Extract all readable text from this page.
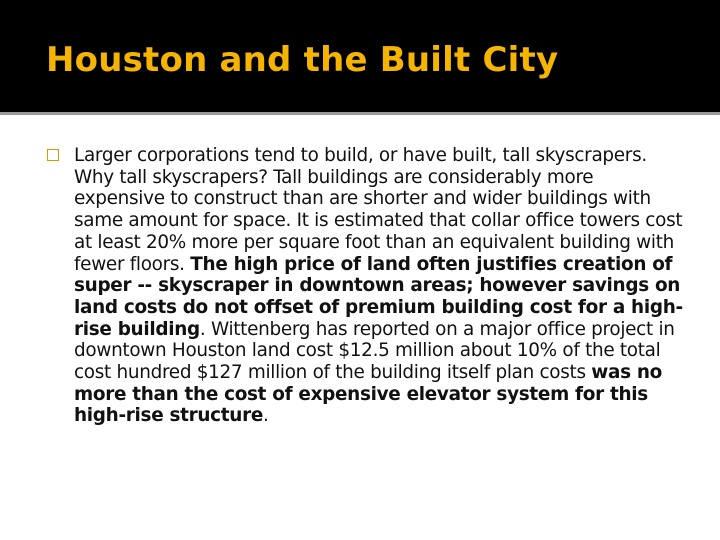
Houston and the Built City

Larger corporations tend to build, or have built, tall skyscrapers. Why tall skyscrapers? Tall buildings are considerably more expensive to construct than are shorter and wider buildings with same amount for space. It is estimated that collar office towers cost at least 20% more per square foot than an equivalent building with fewer floors. The high price of land often justifies creation of super -- skyscraper in downtown areas; however savings on land costs do not offset of premium building cost for a high-rise building. Wittenberg has reported on a major office project in downtown Houston land cost $12.5 million about 10% of the total cost hundred $127 million of the building itself plan costs was no more than the cost of expensive elevator system for this high-rise structure.
